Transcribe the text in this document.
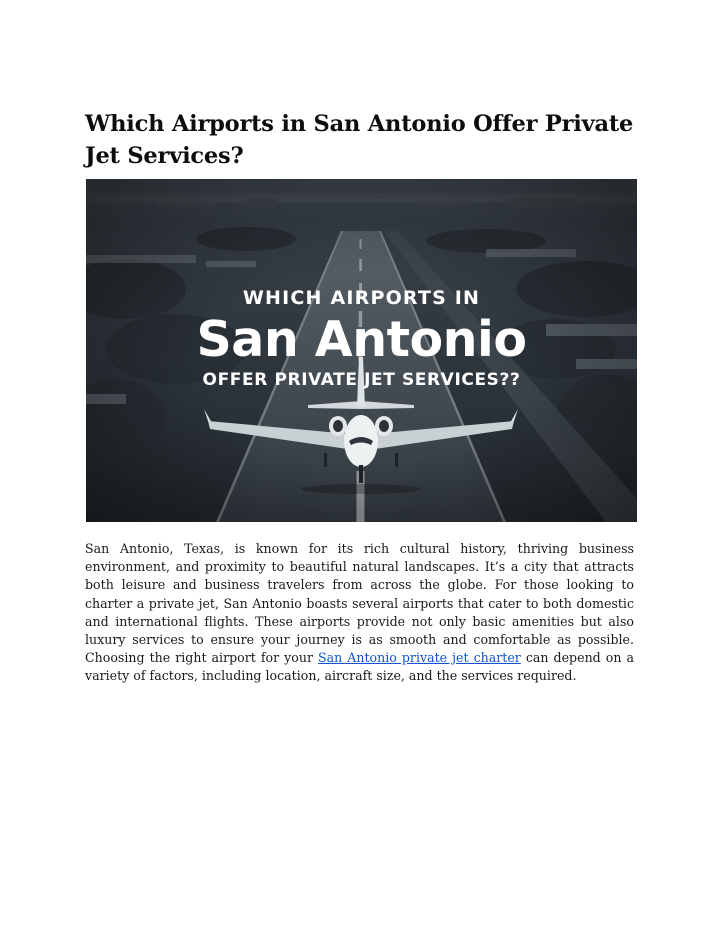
Which Airports in San Antonio Offer Private Jet Services?
WHICH AIRPORTS IN
San Antonio
OFFER PRIVATE JET SERVICES??

San Antonio, Texas, is known for its rich cultural history, thriving business environment, and proximity to beautiful natural landscapes. It’s a city that attracts both leisure and business travelers from across the globe. For those looking to charter a private jet, San Antonio boasts several airports that cater to both domestic and international flights. These airports provide not only basic amenities but also luxury services to ensure your journey is as smooth and comfortable as possible. Choosing the right airport for your San Antonio private jet charter can depend on a variety of factors, including location, aircraft size, and the services required.
